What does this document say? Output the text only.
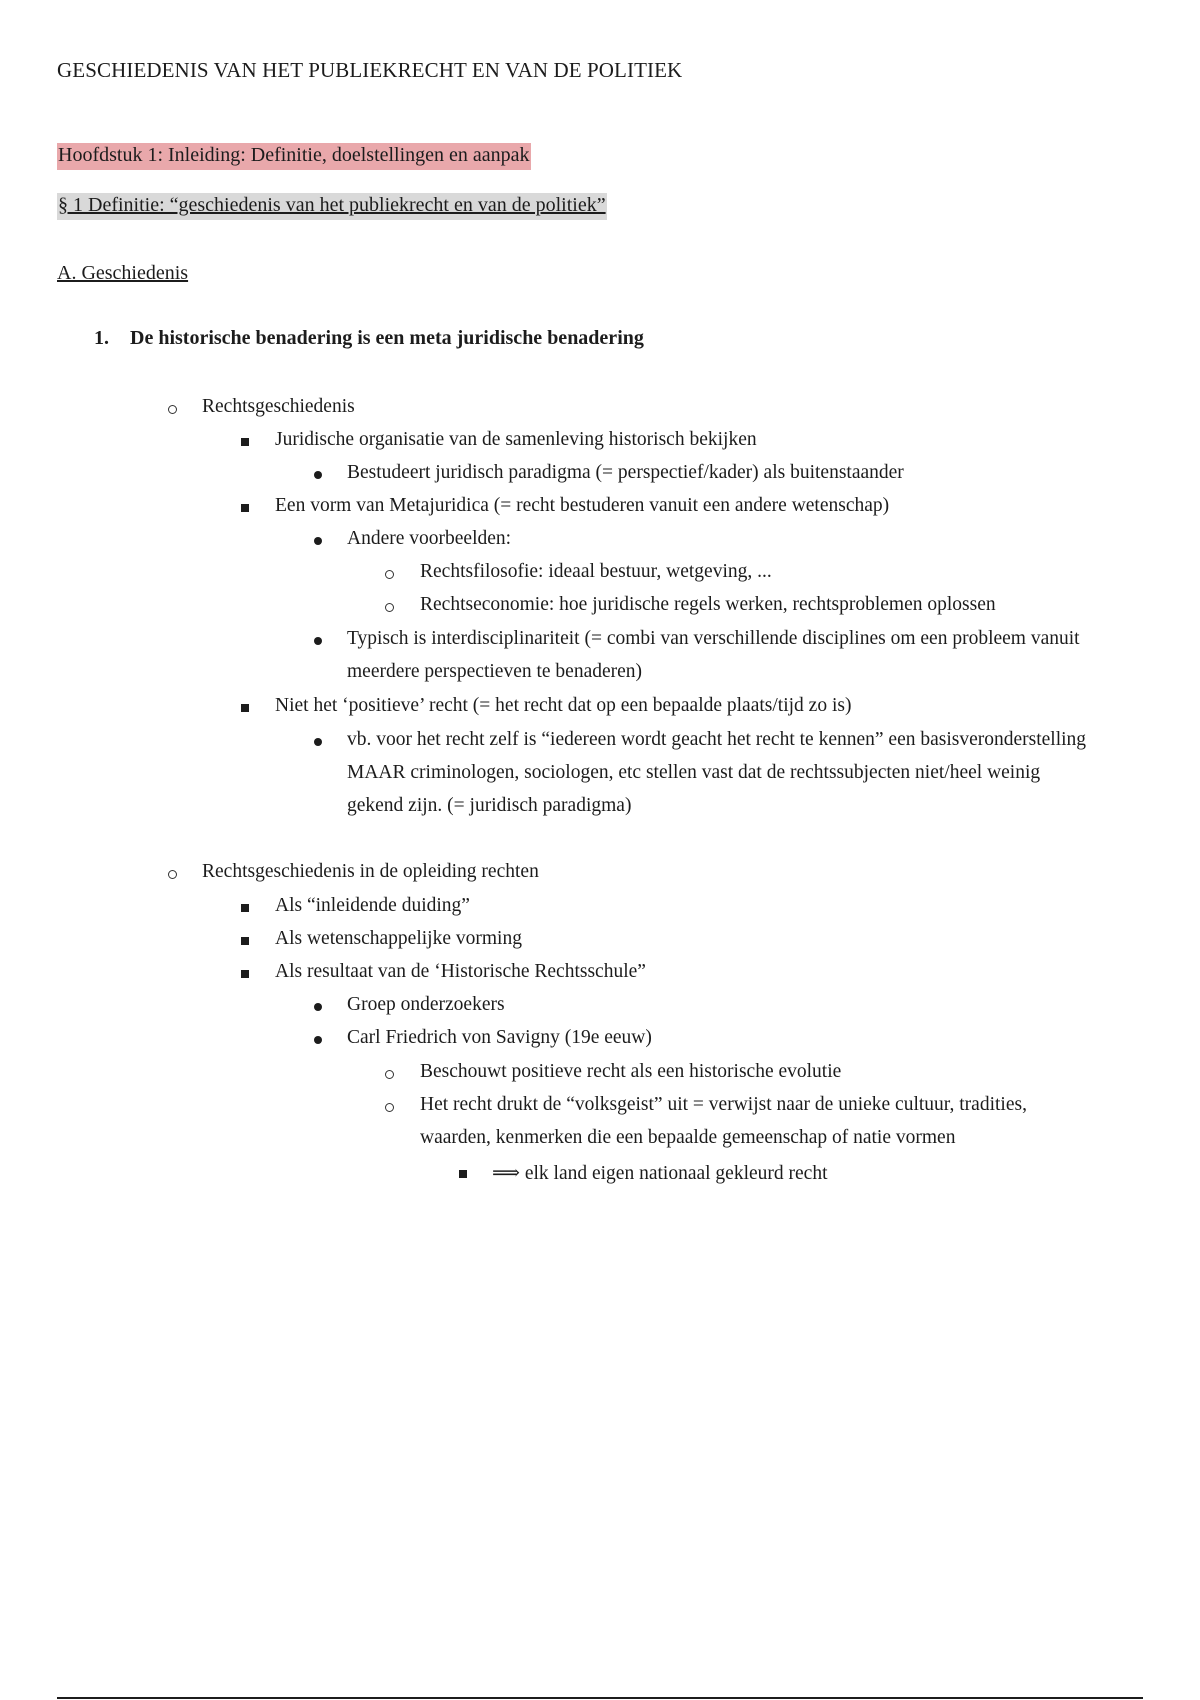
GESCHIEDENIS VAN HET PUBLIEKRECHT EN VAN DE POLITIEK
Hoofdstuk 1: Inleiding: Definitie, doelstellingen en aanpak
§ 1 Definitie: “geschiedenis van het publiekrecht en van de politiek”
A. Geschiedenis
1. De historische benadering is een meta juridische benadering
Rechtsgeschiedenis
Juridische organisatie van de samenleving historisch bekijken
Bestudeert juridisch paradigma (= perspectief/kader) als buitenstaander
Een vorm van Metajuridica (= recht bestuderen vanuit een andere wetenschap)
Andere voorbeelden:
Rechtsfilosofie: ideaal bestuur, wetgeving, ...
Rechtseconomie: hoe juridische regels werken, rechtsproblemen oplossen
Typisch is interdisciplinariteit (= combi van verschillende disciplines om een probleem vanuit
meerdere perspectieven te benaderen)
Niet het ‘positieve’ recht (= het recht dat op een bepaalde plaats/tijd zo is)
vb. voor het recht zelf is “iedereen wordt geacht het recht te kennen” een basisveronderstelling
MAAR criminologen, sociologen, etc stellen vast dat de rechtssubjecten niet/heel weinig
gekend zijn. (= juridisch paradigma)
Rechtsgeschiedenis in de opleiding rechten
Als “inleidende duiding”
Als wetenschappelijke vorming
Als resultaat van de ‘Historische Rechtsschule”
Groep onderzoekers
Carl Friedrich von Savigny (19e eeuw)
Beschouwt positieve recht als een historische evolutie
Het recht drukt de “volksgeist” uit = verwijst naar de unieke cultuur, tradities,
waarden, kenmerken die een bepaalde gemeenschap of natie vormen
⟹ elk land eigen nationaal gekleurd recht
